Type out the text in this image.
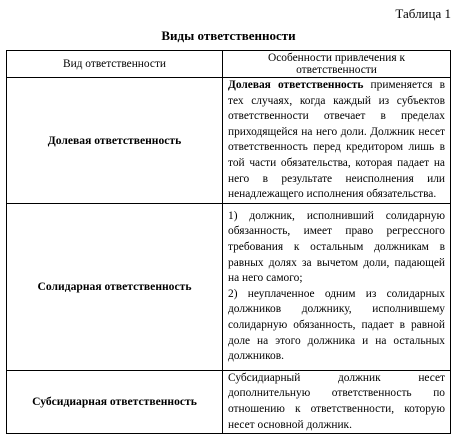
Таблица 1
Виды ответственности
Вид ответственности	Особенности привлечения к ответственности
Долевая ответственность	Долевая ответственность применяется в тех случаях, когда каждый из субъектов ответственности отвечает в пределах приходящейся на него доли. Должник несет ответственность перед кредитором лишь в той части обязательства, которая падает на него в результате неисполнения или ненадлежащего исполнения обязательства.

Солидарная ответственность	1) должник, исполнивший солидарную обязанность, имеет право регрессного требования к остальным должникам в равных долях за вычетом доли, падающей на него самого;

2) неуплаченное одним из солидарных должников должнику, исполнившему солидарную обязанность, падает в равной доле на этого должника и на остальных должников.

Субсидиарная ответственность	Субсидиарный должник несет дополнительную ответственность по отношению к ответственности, которую несет основной должник.
